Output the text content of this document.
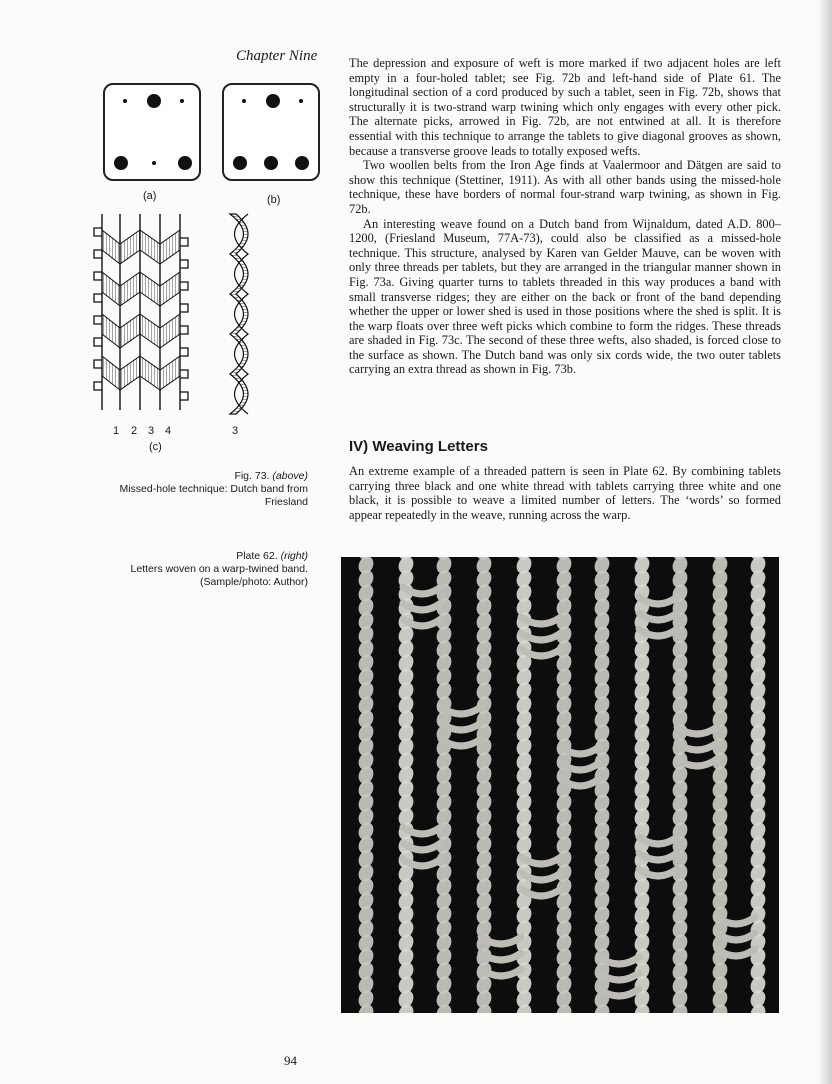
Chapter Nine
(a)	(b)
1 2 3 4	3
(c)
Fig. 73. (above)
Missed-hole technique: Dutch band from Friesland
Plate 62. (right)
Letters woven on a warp-twined band.
(Sample/photo: Author)

The depression and exposure of weft is more marked if two adjacent holes are left empty in a four-holed tablet; see Fig. 72b and left-hand side of Plate 61. The longitudinal section of a cord produced by such a tablet, seen in Fig. 72b, shows that structurally it is two-strand warp twining which only engages with every other pick. The alternate picks, arrowed in Fig. 72b, are not entwined at all. It is therefore essential with this technique to arrange the tablets to give diagonal grooves as shown, because a transverse groove leads to totally exposed wefts.

Two woollen belts from the Iron Age finds at Vaalermoor and Dätgen are said to show this technique (Stettiner, 1911). As with all other bands using the missed-hole technique, these have borders of normal four-strand warp twining, as shown in Fig. 72b.

An interesting weave found on a Dutch band from Wijnaldum, dated A.D. 800–1200, (Friesland Museum, 77A-73), could also be classified as a missed-hole technique. This structure, analysed by Karen van Gelder Mauve, can be woven with only three threads per tablets, but they are arranged in the triangular manner shown in Fig. 73a. Giving quarter turns to tablets threaded in this way produces a band with small transverse ridges; they are either on the back or front of the band depending whether the upper or lower shed is used in those positions where the shed is split. It is the warp floats over three weft picks which combine to form the ridges. These threads are shaded in Fig. 73c. The second of these three wefts, also shaded, is forced close to the surface as shown. The Dutch band was only six cords wide, the two outer tablets carrying an extra thread as shown in Fig. 73b.

IV) Weaving Letters

An extreme example of a threaded pattern is seen in Plate 62. By combining tablets carrying three black and one white thread with tablets carrying three white and one black, it is possible to weave a limited number of letters. The ‘words’ so formed appear repeatedly in the weave, running across the warp.

94
